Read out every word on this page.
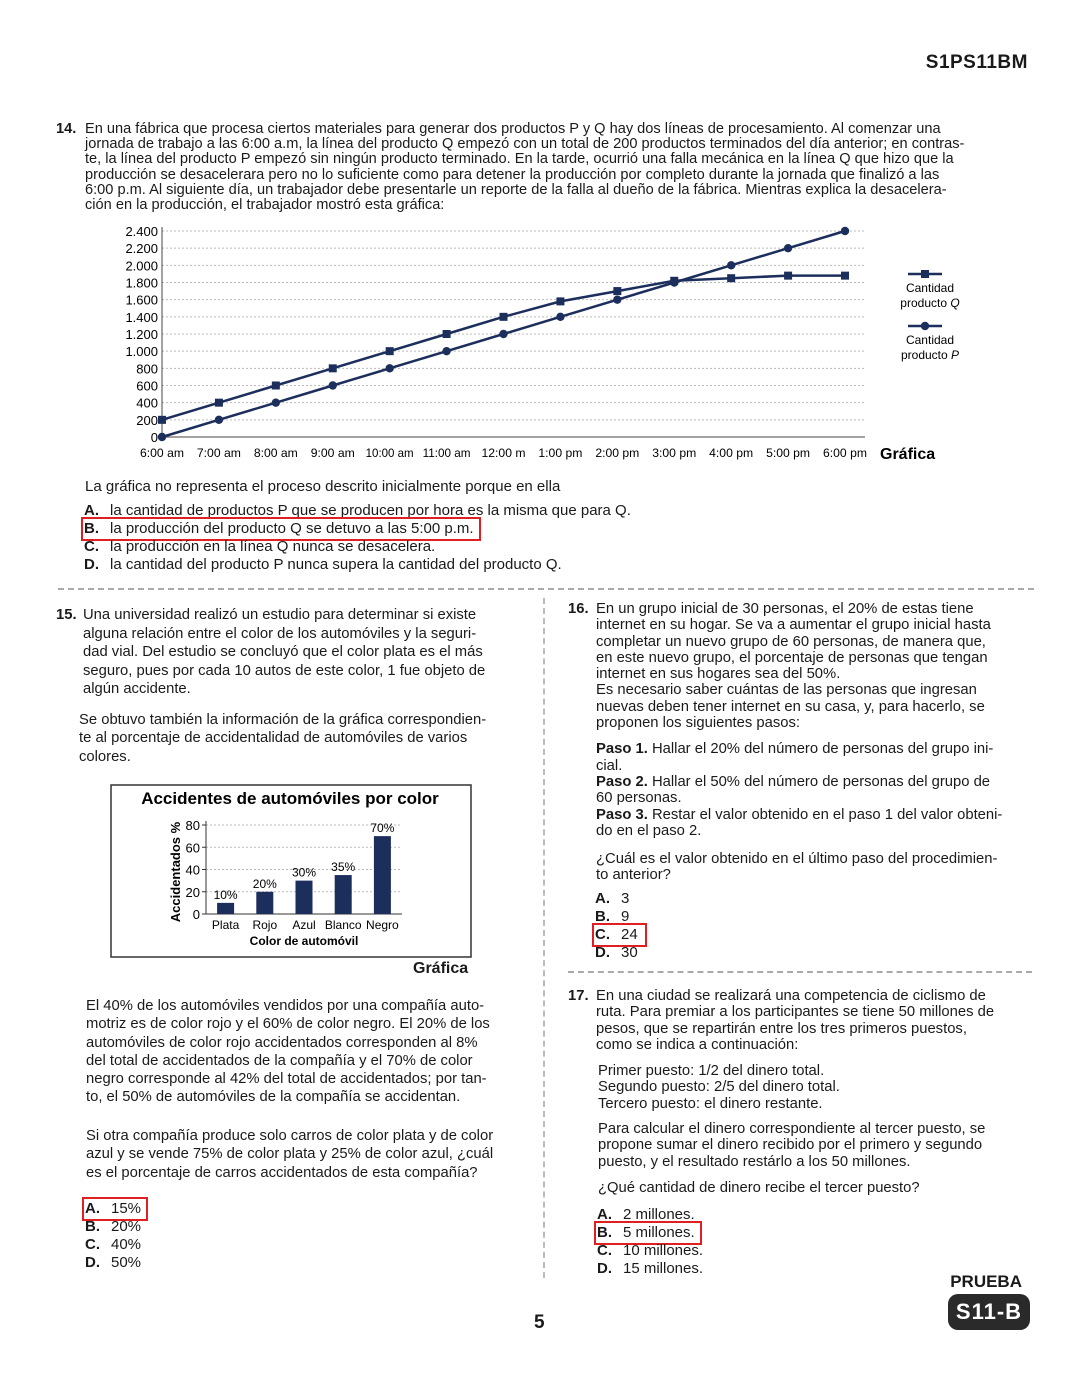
S1PS11BM
14. En una fábrica que procesa ciertos materiales para generar dos productos P y Q hay dos líneas de procesamiento. Al comenzar una
jornada de trabajo a las 6:00 a.m, la línea del producto Q empezó con un total de 200 productos terminados del día anterior; en contras-
te, la línea del producto P empezó sin ningún producto terminado. En la tarde, ocurrió una falla mecánica en la línea Q que hizo que la
producción se desacelerara pero no lo suficiente como para detener la producción por completo durante la jornada que finalizó a las
6:00 p.m. Al siguiente día, un trabajador debe presentarle un reporte de la falla al dueño de la fábrica. Mientras explica la desacelera-
ción en la producción, el trabajador mostró esta gráfica:
0
200
400
600
800
1.000
1.200
1.400
1.600
1.800
2.000
2.200
2.400
6:00 am 7:00 am 8:00 am 9:00 am 10:00 am 11:00 am 12:00 m 1:00 pm 2:00 pm 3:00 pm 4:00 pm 5:00 pm 6:00 pm Gráfica
Cantidad
producto Q
Cantidad
producto P
La gráfica no representa el proceso descrito inicialmente porque en ella
A. la cantidad de productos P que se producen por hora es la misma que para Q.
B. la producción del producto Q se detuvo a las 5:00 p.m.
C. la producción en la línea Q nunca se desacelera.
D. la cantidad del producto P nunca supera la cantidad del producto Q.
15. Una universidad realizó un estudio para determinar si existe
alguna relación entre el color de los automóviles y la seguri-
dad vial. Del estudio se concluyó que el color plata es el más
seguro, pues por cada 10 autos de este color, 1 fue objeto de
algún accidente.
Se obtuvo también la información de la gráfica correspondien-
te al porcentaje de accidentalidad de automóviles de varios
colores.
Accidentes de automóviles por color
0
20
40
60
80
Accidentados %	10%
Plata
20%
Rojo
30%
Azul
35%
Blanco
70%
Negro
Color de automóvil
Gráfica
El 40% de los automóviles vendidos por una compañía auto-
motriz es de color rojo y el 60% de color negro. El 20% de los
automóviles de color rojo accidentados corresponden al 8%
del total de accidentados de la compañía y el 70% de color
negro corresponde al 42% del total de accidentados; por tan-
to, el 50% de automóviles de la compañía se accidentan.
Si otra compañía produce solo carros de color plata y de color
azul y se vende 75% de color plata y 25% de color azul, ¿cuál
es el porcentaje de carros accidentados de esta compañía?
A. 15%
B. 20%
C. 40%
D. 50%
16. En un grupo inicial de 30 personas, el 20% de estas tiene
internet en su hogar. Se va a aumentar el grupo inicial hasta
completar un nuevo grupo de 60 personas, de manera que,
en este nuevo grupo, el porcentaje de personas que tengan
internet en sus hogares sea del 50%.
Es necesario saber cuántas de las personas que ingresan
nuevas deben tener internet en su casa, y, para hacerlo, se
proponen los siguientes pasos:

Paso 1. Hallar el 20% del número de personas del grupo ini-

cial.

Paso 2. Hallar el 50% del número de personas del grupo de

60 personas.

Paso 3. Restar el valor obtenido en el paso 1 del valor obteni-

do en el paso 2.

¿Cuál es el valor obtenido en el último paso del procedimien-
to anterior?
A. 3
B. 9
C. 24
D. 30
17. En una ciudad se realizará una competencia de ciclismo de
ruta. Para premiar a los participantes se tiene 50 millones de
pesos, que se repartirán entre los tres primeros puestos,
como se indica a continuación:
Primer puesto: 1/2 del dinero total.
Segundo puesto: 2/5 del dinero total.
Tercero puesto: el dinero restante.
Para calcular el dinero correspondiente al tercer puesto, se
propone sumar el dinero recibido por el primero y segundo
puesto, y el resultado restárlo a los 50 millones.
¿Qué cantidad de dinero recibe el tercer puesto?
A. 2 millones.
B. 5 millones.
C. 10 millones.
D. 15 millones.
5
PRUEBA
S11-B
